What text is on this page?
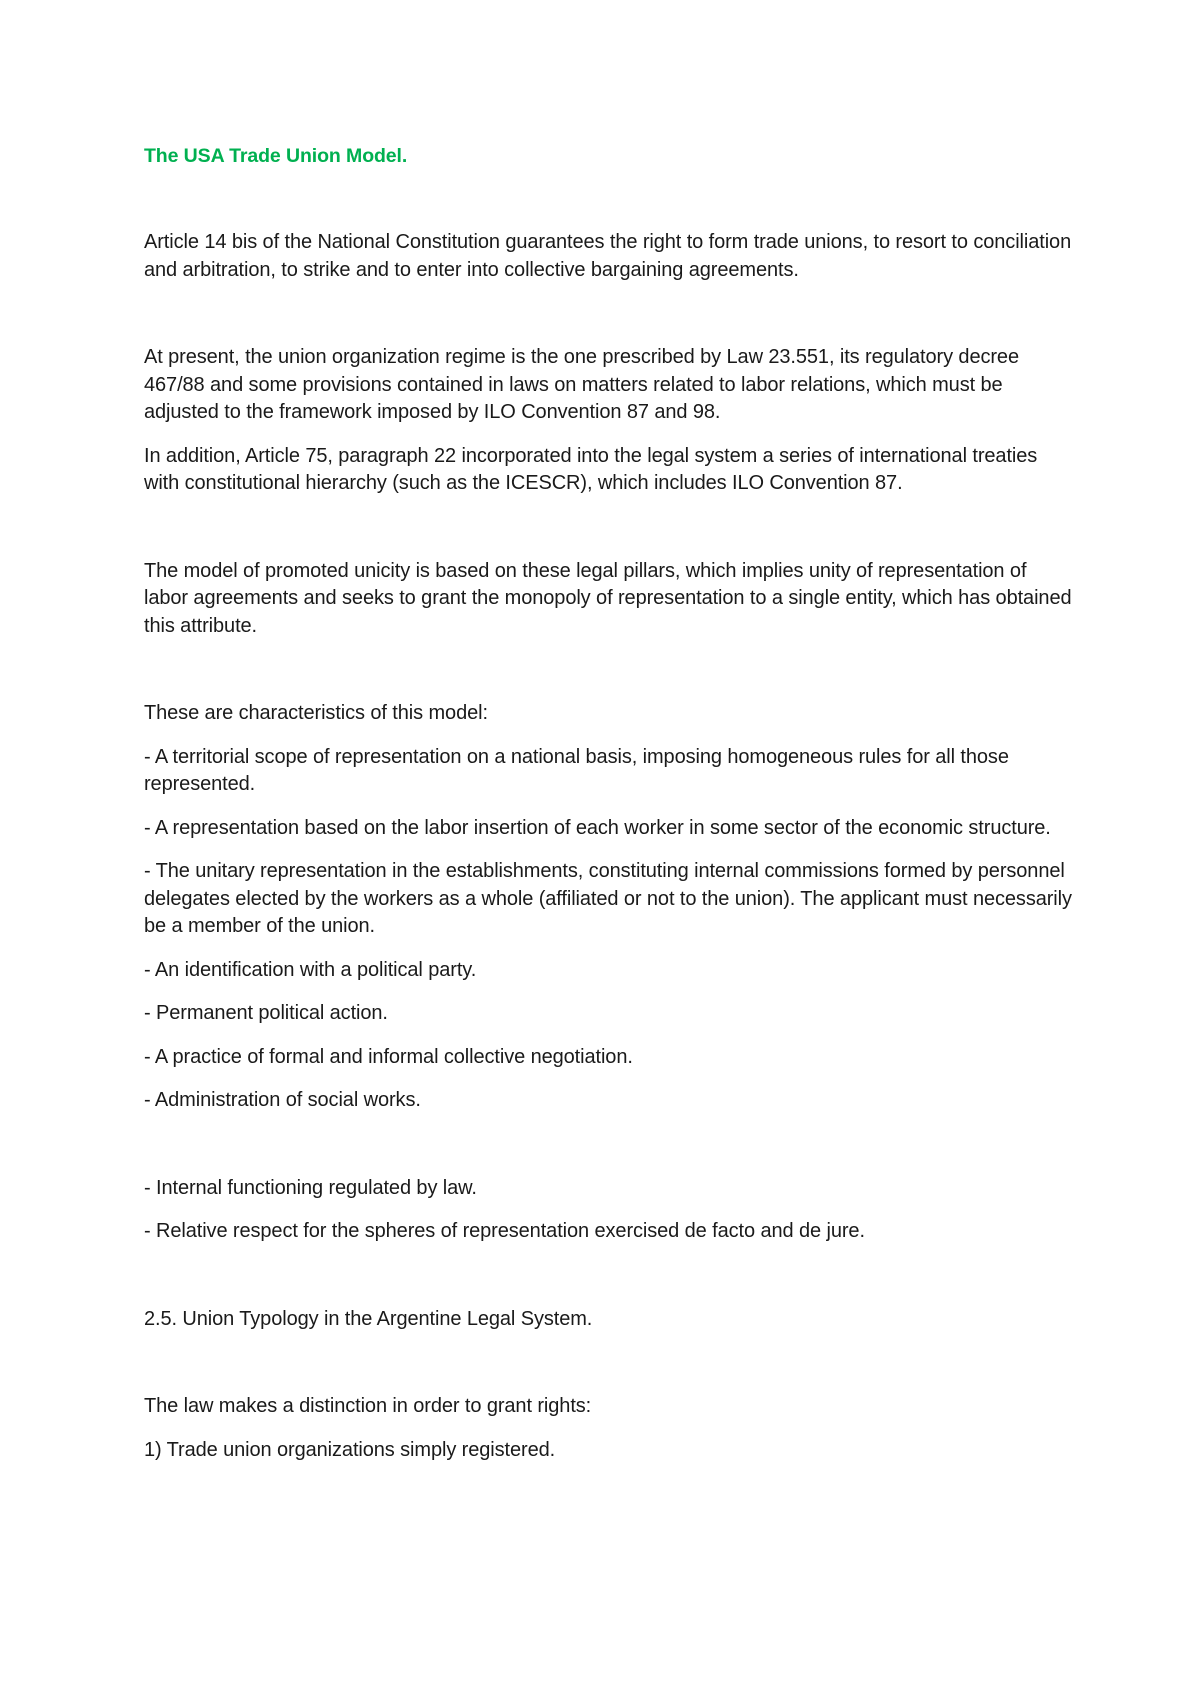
The USA Trade Union Model.

Article 14 bis of the National Constitution guarantees the right to form trade unions, to resort to conciliation and arbitration, to strike and to enter into collective bargaining agreements.

At present, the union organization regime is the one prescribed by Law 23.551, its regulatory decree 467/88 and some provisions contained in laws on matters related to labor relations, which must be adjusted to the framework imposed by ILO Convention 87 and 98.

In addition, Article 75, paragraph 22 incorporated into the legal system a series of international treaties with constitutional hierarchy (such as the ICESCR), which includes ILO Convention 87.

The model of promoted unicity is based on these legal pillars, which implies unity of representation of labor agreements and seeks to grant the monopoly of representation to a single entity, which has obtained this attribute.

These are characteristics of this model:

- A territorial scope of representation on a national basis, imposing homogeneous rules for all those represented.

- A representation based on the labor insertion of each worker in some sector of the economic structure.

- The unitary representation in the establishments, constituting internal commissions formed by personnel delegates elected by the workers as a whole (affiliated or not to the union). The applicant must necessarily be a member of the union.

- An identification with a political party.

- Permanent political action.

- A practice of formal and informal collective negotiation.

- Administration of social works.

- Internal functioning regulated by law.

- Relative respect for the spheres of representation exercised de facto and de jure.

2.5. Union Typology in the Argentine Legal System.

The law makes a distinction in order to grant rights:

1) Trade union organizations simply registered.
